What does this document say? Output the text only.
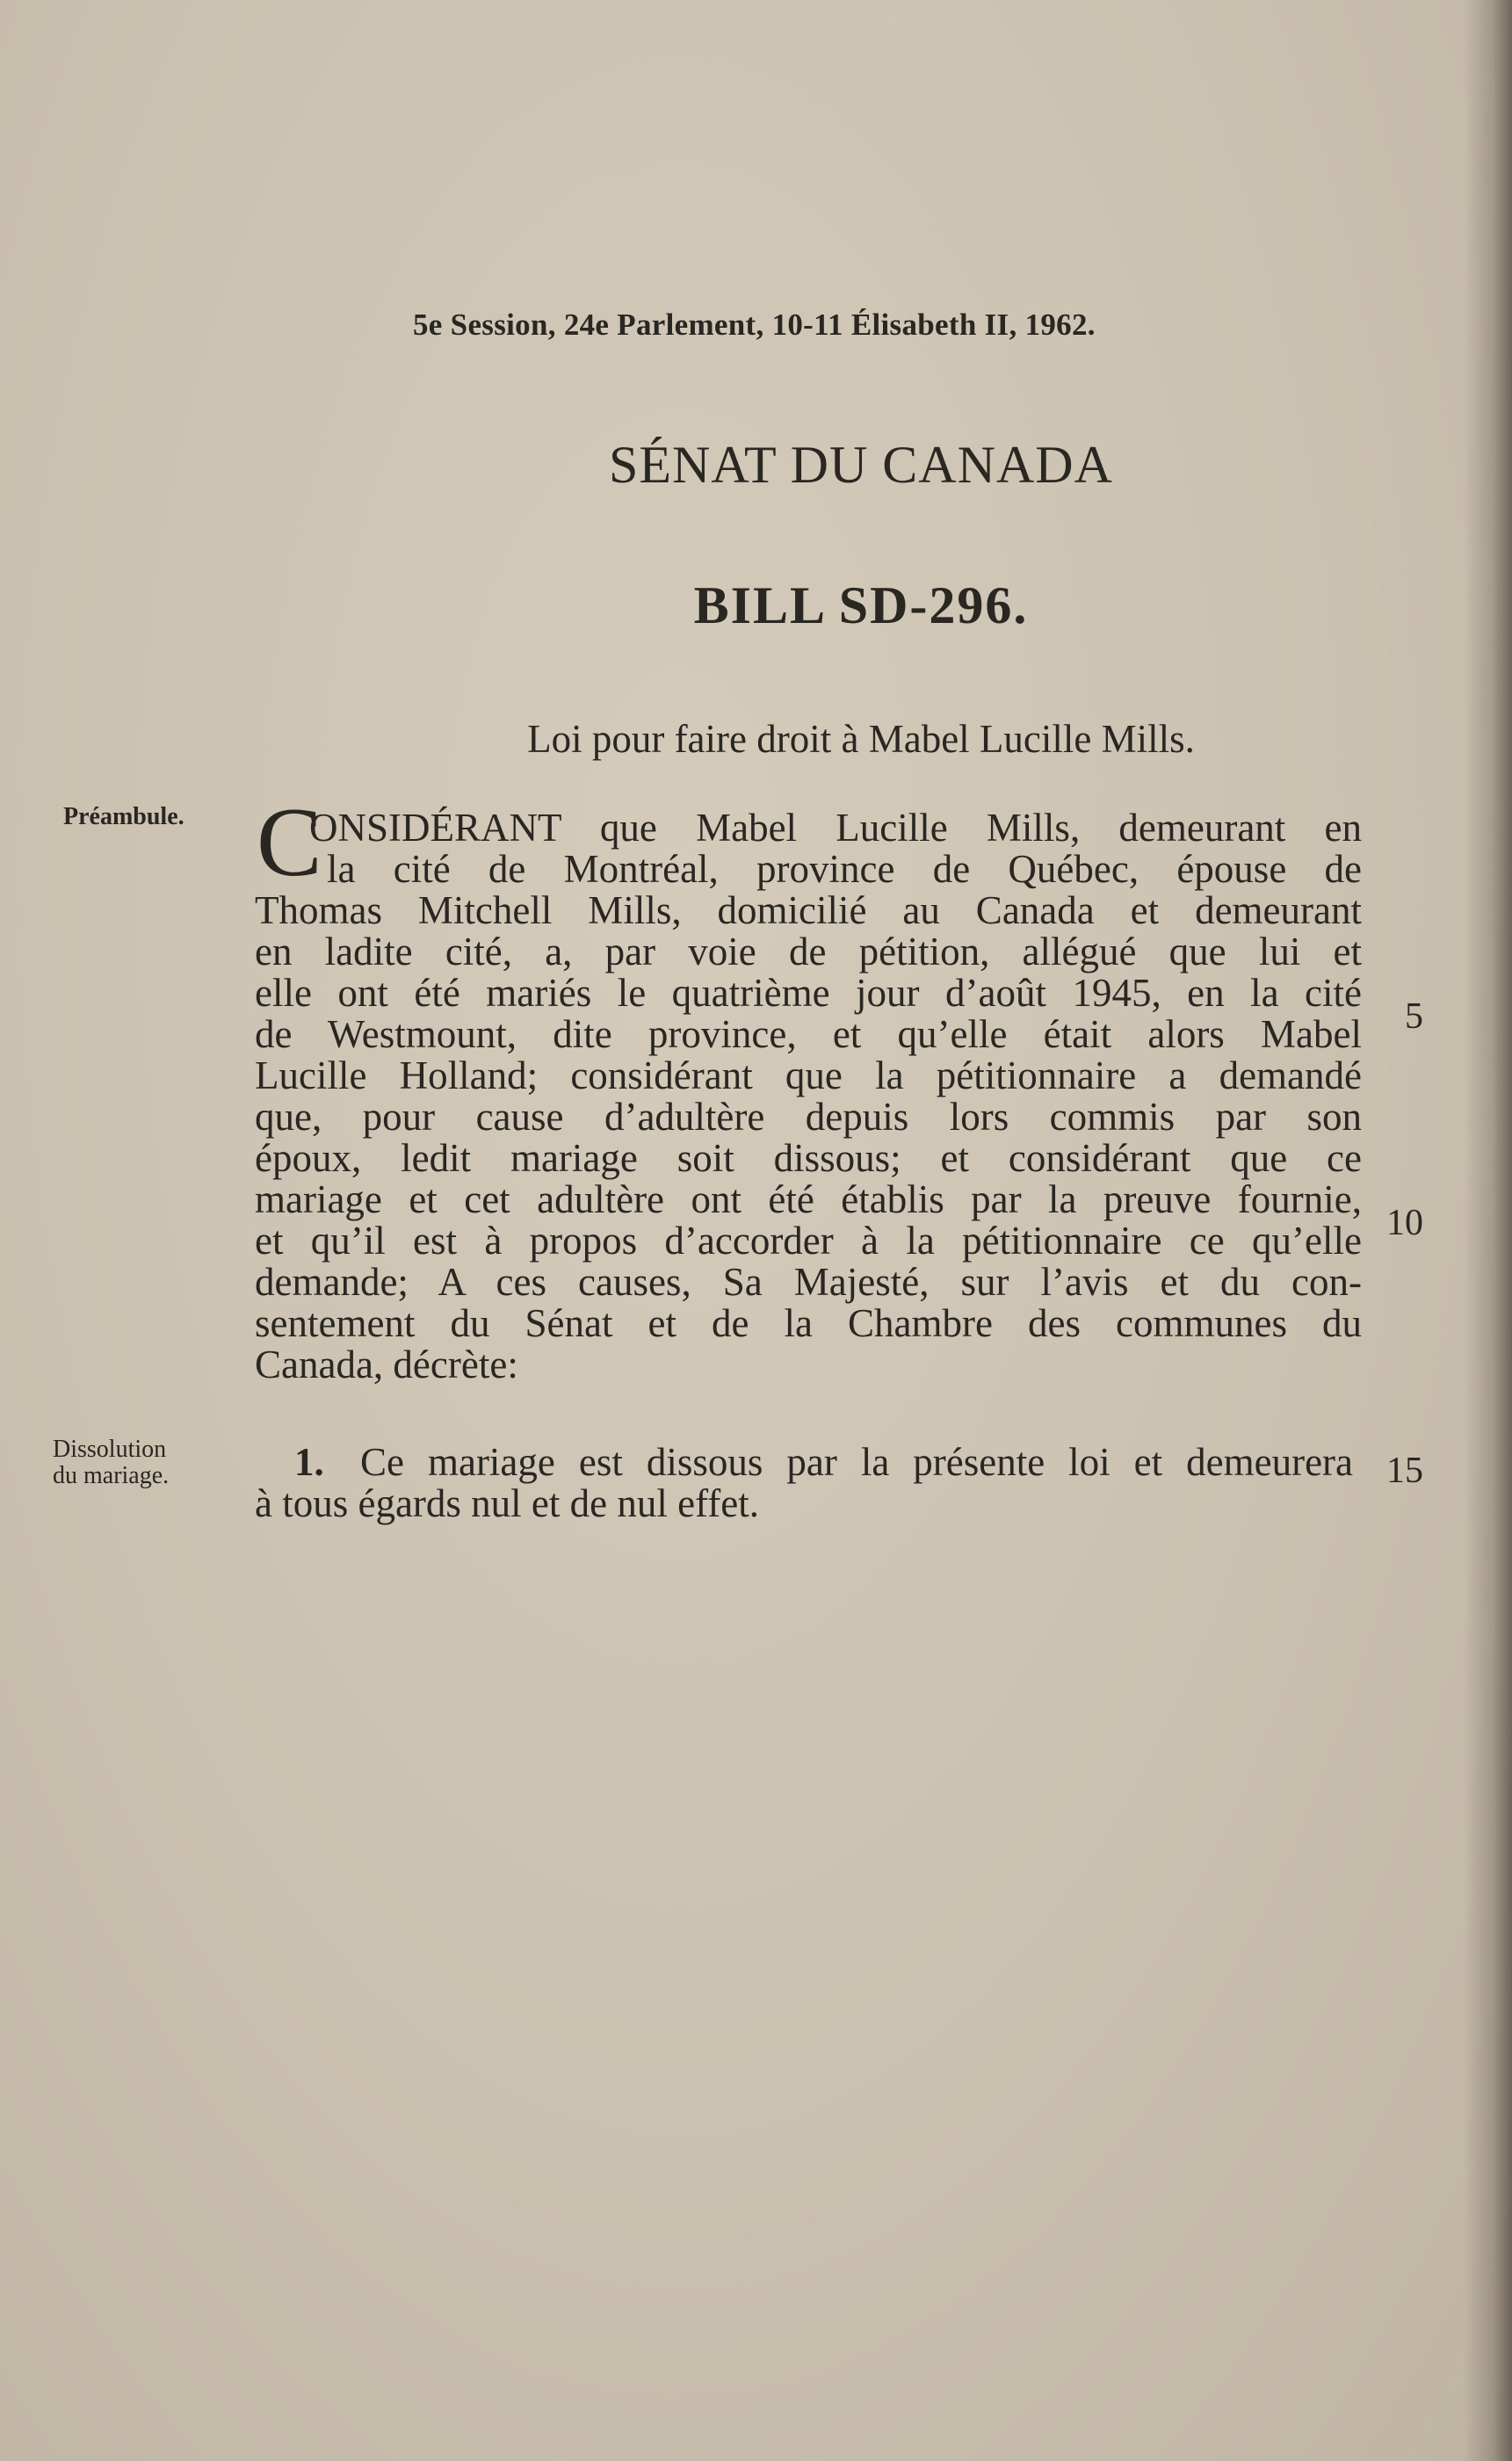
5e Session, 24e Parlement, 10-11 Élisabeth II, 1962.
SÉNAT DU CANADA
BILL SD-296.
Loi pour faire droit à Mabel Lucille Mills.
Préambule. C
ONSIDÉRANT que Mabel Lucille Mills, demeurant en
la cité de Montréal, province de Québec, épouse de
Thomas Mitchell Mills, domicilié au Canada et demeurant
en ladite cité, a, par voie de pétition, allégué que lui et
elle ont été mariés le quatrième jour d’août 1945, en la cité
de Westmount, dite province, et qu’elle était alors Mabel
Lucille Holland; considérant que la pétitionnaire a demandé
que, pour cause d’adultère depuis lors commis par son
époux, ledit mariage soit dissous; et considérant que ce
mariage et cet adultère ont été établis par la preuve fournie,
et qu’il est à propos d’accorder à la pétitionnaire ce qu’elle
demande; A ces causes, Sa Majesté, sur l’avis et du con-
sentement du Sénat et de la Chambre des communes du
Canada, décrète:
5
10
15
Dissolution
du mariage.	1. Ce mariage est dissous par la présente loi et demeurera
à tous égards nul et de nul effet.
